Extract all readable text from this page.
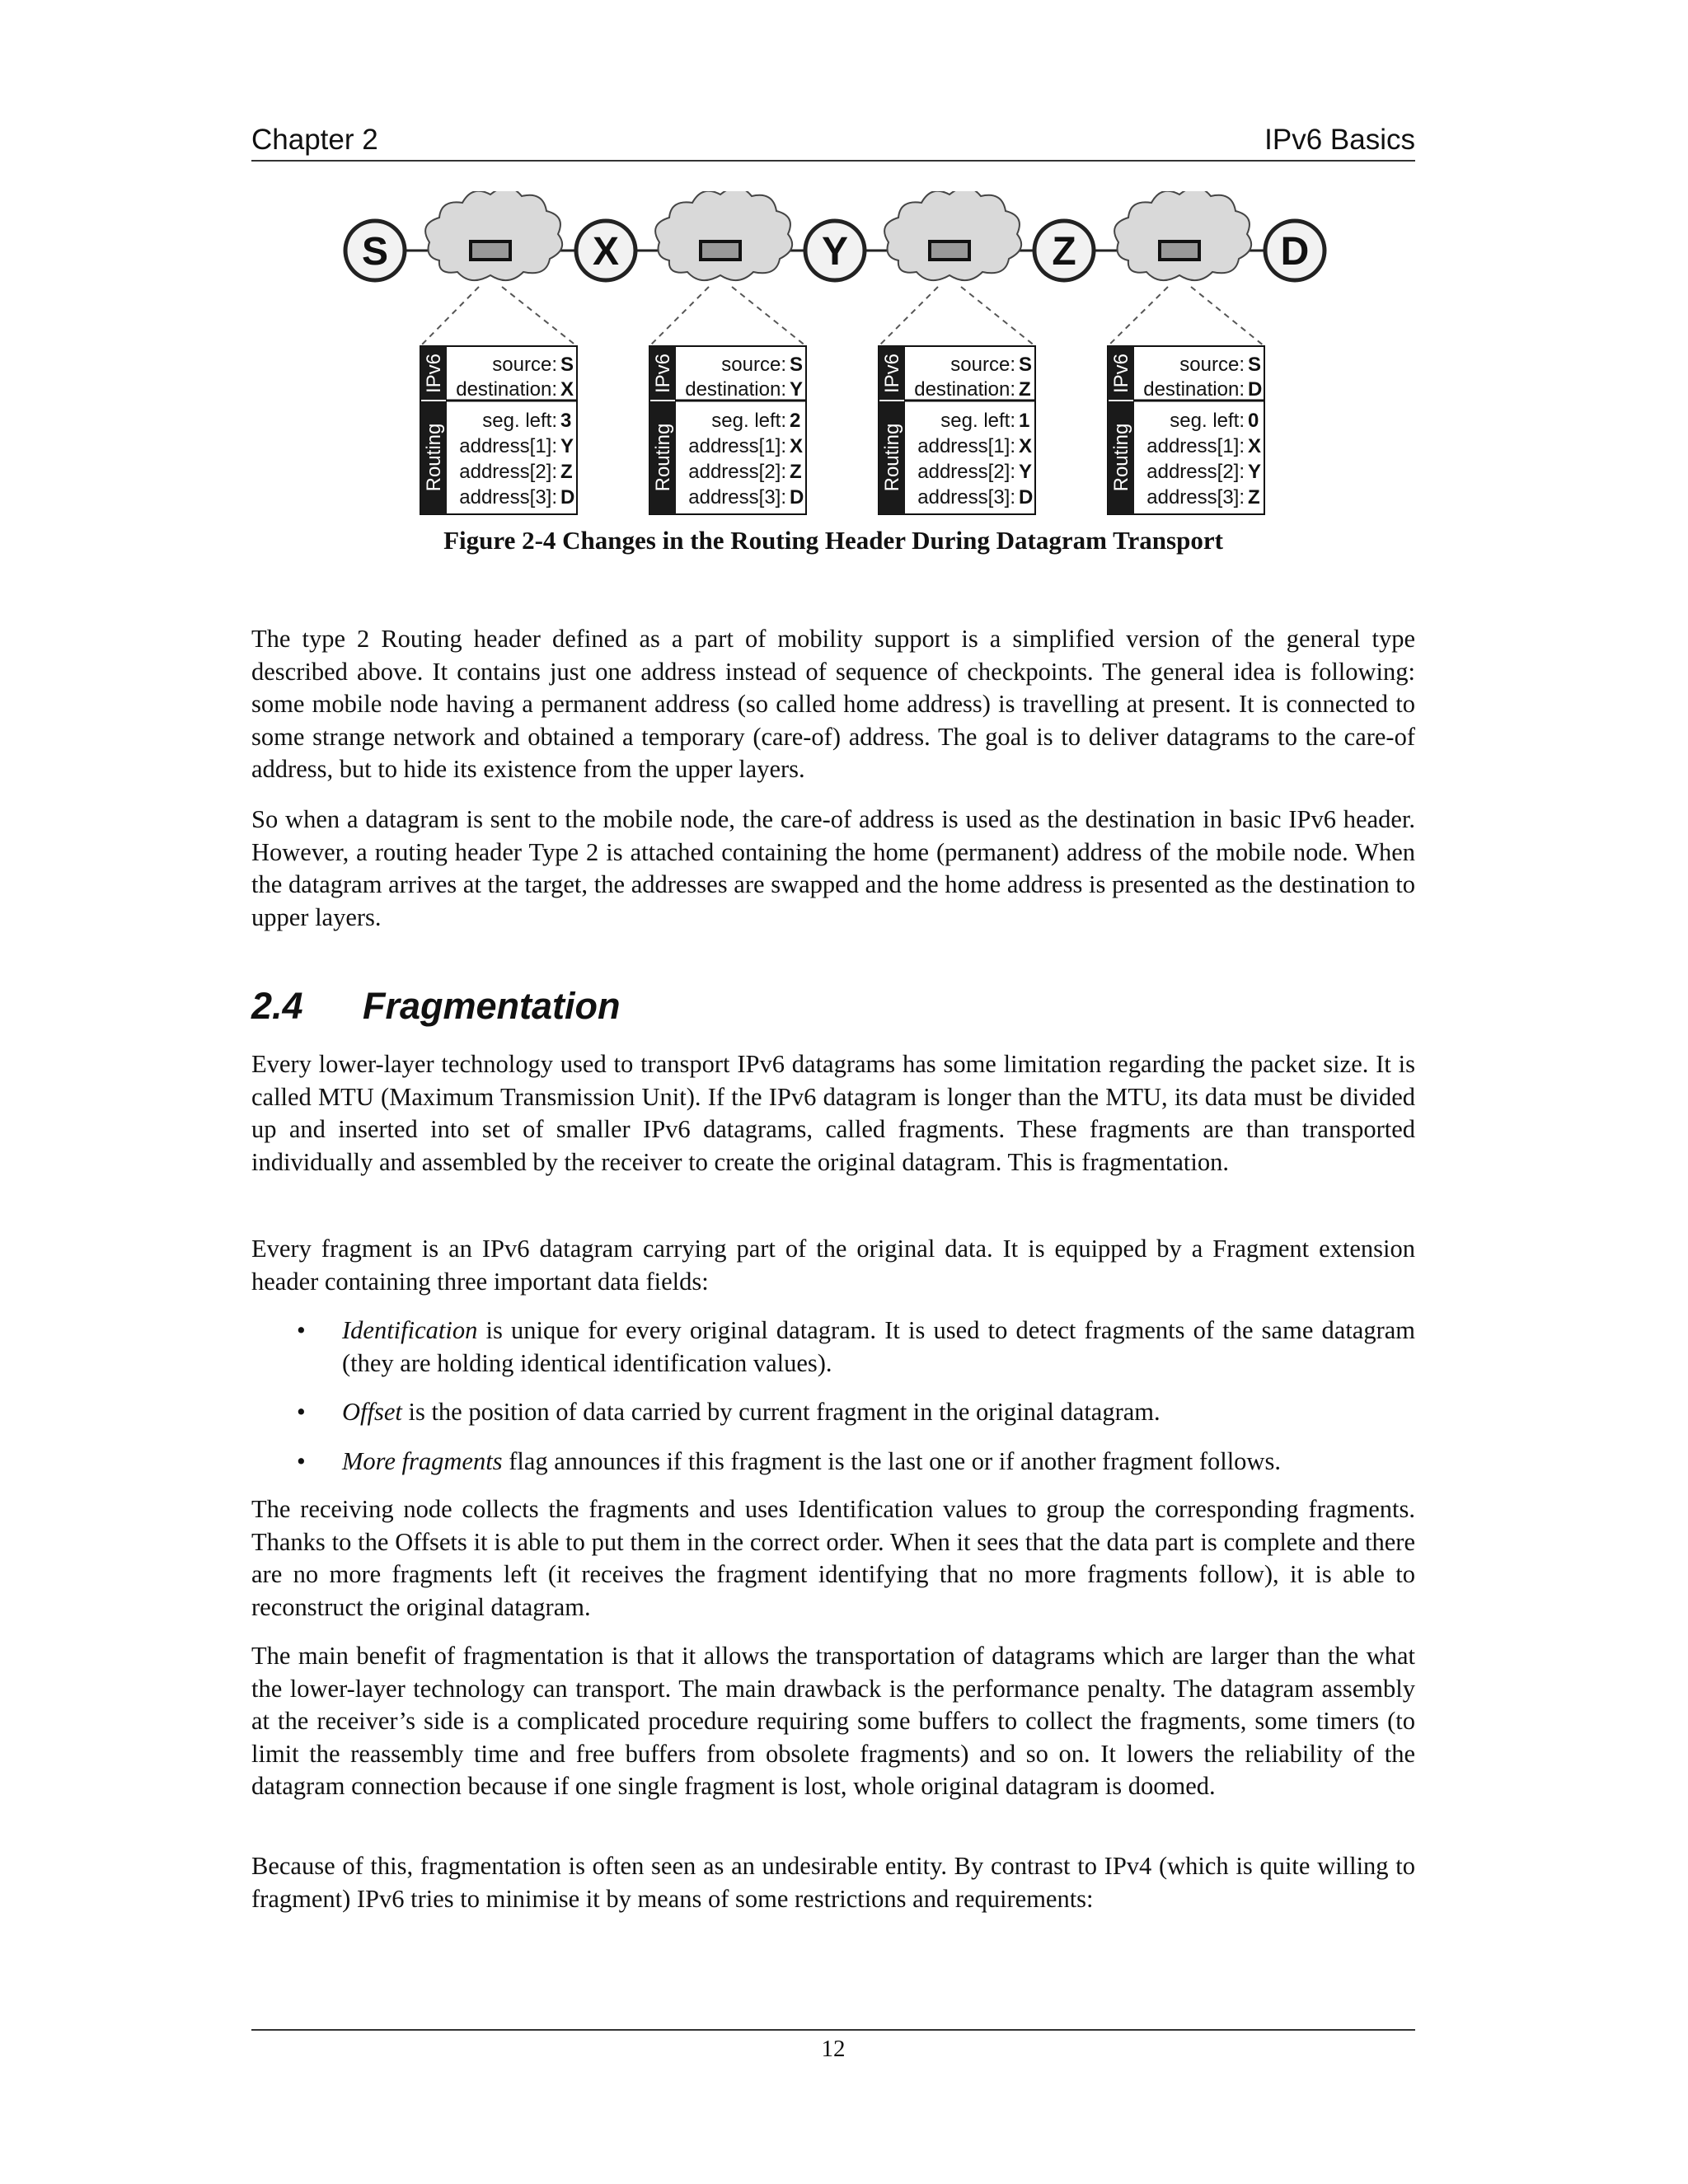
Chapter 2	IPv6 Basics
S	X	Y	Z	D
IPv6
Routing
source: S
destination: X
seg. left: 3
address[1]: Y
address[2]: Z
address[3]: D
IPv6
Routing
source: S
destination: Y
seg. left: 2
address[1]: X
address[2]: Z
address[3]: D
IPv6
Routing
source: S
destination: Z
seg. left: 1
address[1]: X
address[2]: Y
address[3]: D
IPv6
Routing
source: S
destination: D
seg. left: 0
address[1]: X
address[2]: Y
address[3]: Z
Figure 2-4 Changes in the Routing Header During Datagram Transport

The type 2 Routing header defined as a part of mobility support is a simplified version of the general type described above. It contains just one address instead of sequence of checkpoints. The general idea is following: some mobile node having a permanent address (so called home address) is travelling at present. It is connected to some strange network and obtained a temporary (care-of) address. The goal is to deliver datagrams to the care-of address, but to hide its existence from the upper layers.

So when a datagram is sent to the mobile node, the care-of address is used as the destination in basic IPv6 header. However, a routing header Type 2 is attached containing the home (permanent) address of the mobile node. When the datagram arrives at the target, the addresses are swapped and the home address is presented as the destination to upper layers.

2.4 Fragmentation

Every lower-layer technology used to transport IPv6 datagrams has some limitation regarding the packet size. It is called MTU (Maximum Transmission Unit). If the IPv6 datagram is longer than the MTU, its data must be divided up and inserted into set of smaller IPv6 datagrams, called fragments. These fragments are than transported individually and assembled by the receiver to create the original datagram. This is fragmentation.

Every fragment is an IPv6 datagram carrying part of the original data. It is equipped by a Fragment extension header containing three important data fields:

• Identification is unique for every original datagram. It is used to detect fragments of the same datagram (they are holding identical identification values).
• Offset is the position of data carried by current fragment in the original datagram.
• More fragments flag announces if this fragment is the last one or if another fragment follows.

The receiving node collects the fragments and uses Identification values to group the corresponding fragments. Thanks to the Offsets it is able to put them in the correct order. When it sees that the data part is complete and there are no more fragments left (it receives the fragment identifying that no more fragments follow), it is able to reconstruct the original datagram.

The main benefit of fragmentation is that it allows the transportation of datagrams which are larger than the what the lower-layer technology can transport. The main drawback is the performance penalty. The datagram assembly at the receiver’s side is a complicated procedure requiring some buffers to collect the fragments, some timers (to limit the reassembly time and free buffers from obsolete fragments) and so on. It lowers the reliability of the datagram connection because if one single fragment is lost, whole original datagram is doomed.

Because of this, fragmentation is often seen as an undesirable entity. By contrast to IPv4 (which is quite willing to fragment) IPv6 tries to minimise it by means of some restrictions and requirements:

12
